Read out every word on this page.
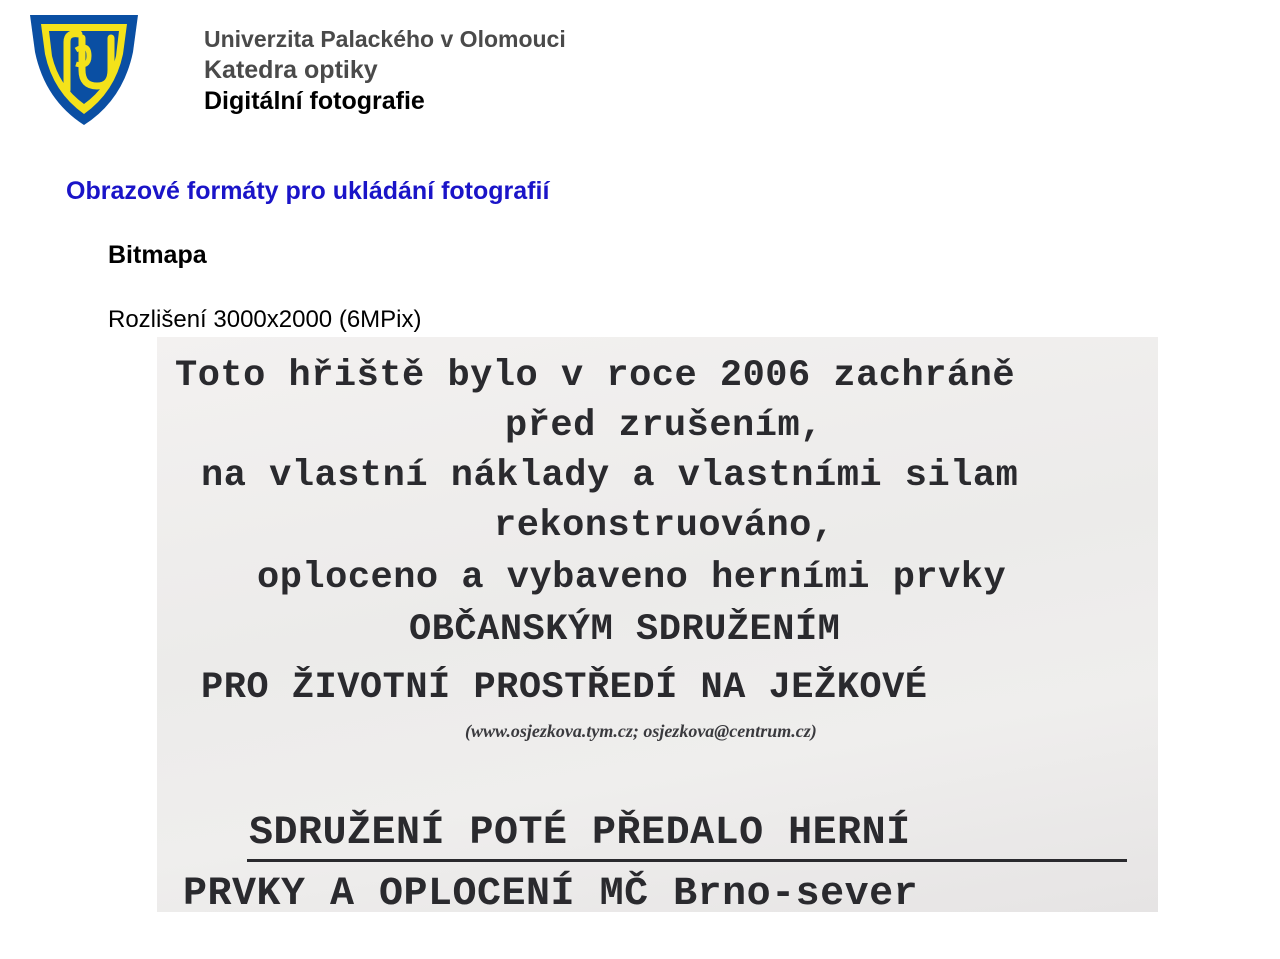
Univerzita Palackého v Olomouci

Katedra optiky

Digitální fotografie

Obrazové formáty pro ukládání fotografií
Bitmapa

Rozlišení 3000x2000 (6MPix)

Toto hřiště bylo v roce 2006 zachráně

před zrušením,

na vlastní náklady a vlastními silam

rekonstruováno,

oploceno a vybaveno herními prvky

OBČANSKÝM SDRUŽENÍM

PRO ŽIVOTNÍ PROSTŘEDÍ NA JEŽKOVÉ

(www.osjezkova.tym.cz; osjezkova@centrum.cz)

SDRUŽENÍ POTÉ PŘEDALO HERNÍ

PRVKY A OPLOCENÍ MČ Brno-sever
